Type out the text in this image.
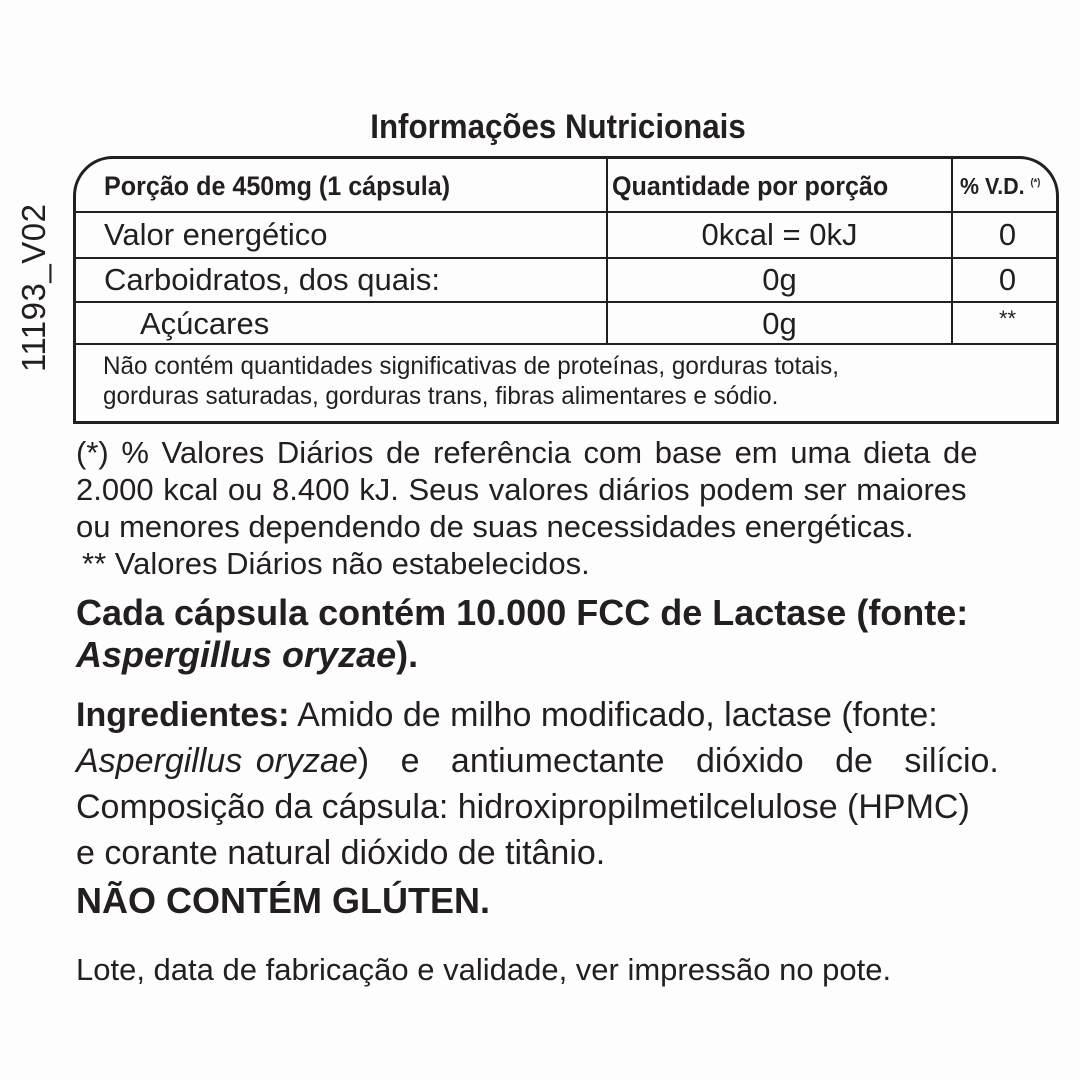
11193_V02
Informações Nutricionais
Porção de 450mg (1 cápsula)	Quantidade por porção	% V.D. (*)
Valor energético	0kcal = 0kJ	0
Carboidratos, dos quais:	0g	0
Açúcares	0g	**
Não contém quantidades significativas de proteínas, gorduras totais,
gorduras saturadas, gorduras trans, fibras alimentares e sódio.
(*) % Valores Diários de referência com base em uma dieta de
2.000 kcal ou 8.400 kJ. Seus valores diários podem ser maiores
ou menores dependendo de suas necessidades energéticas.
** Valores Diários não estabelecidos.
Cada cápsula contém 10.000 FCC de Lactase (fonte:
Aspergillus oryzae).
Ingredientes: Amido de milho modificado, lactase (fonte:
Aspergillus oryzae) e antiumectante dióxido de silício.
Composição da cápsula: hidroxipropilmetilcelulose (HPMC)
e corante natural dióxido de titânio.
NÃO CONTÉM GLÚTEN.
Lote, data de fabricação e validade, ver impressão no pote.
